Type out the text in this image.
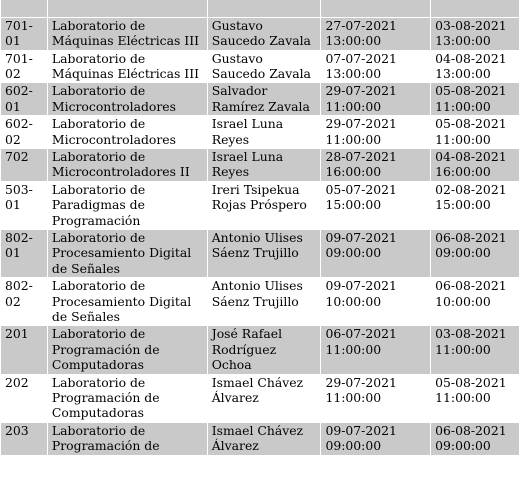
701-01	Laboratorio de Máquinas Eléctricas III	Gustavo Saucedo Zavala	27-07-2021 13:00:00	03-08-2021 13:00:00

701-02	Laboratorio de Máquinas Eléctricas III	Gustavo Saucedo Zavala	07-07-2021 13:00:00	04-08-2021 13:00:00

602-01	Laboratorio de Microcontroladores	Salvador Ramírez Zavala	29-07-2021 11:00:00	05-08-2021 11:00:00

602-02	Laboratorio de Microcontroladores	Israel Luna Reyes	29-07-2021 11:00:00	05-08-2021 11:00:00

702	Laboratorio de Microcontroladores II	Israel Luna Reyes	28-07-2021 16:00:00	04-08-2021 16:00:00

503-01	Laboratorio de Paradigmas de Programación	Ireri Tsipekua Rojas Próspero	05-07-2021 15:00:00	02-08-2021 15:00:00

802-01	Laboratorio de Procesamiento Digital de Señales	Antonio Ulises Sáenz Trujillo	09-07-2021 09:00:00	06-08-2021 09:00:00

802-02	Laboratorio de Procesamiento Digital de Señales	Antonio Ulises Sáenz Trujillo	09-07-2021 10:00:00	06-08-2021 10:00:00

201	Laboratorio de Programación de Computadoras	José Rafael Rodríguez Ochoa	06-07-2021 11:00:00	03-08-2021 11:00:00

202	Laboratorio de Programación de Computadoras	Ismael Chávez Álvarez	29-07-2021 11:00:00	05-08-2021 11:00:00

203	Laboratorio de Programación de	Ismael Chávez Álvarez	09-07-2021 09:00:00	06-08-2021 09:00:00
